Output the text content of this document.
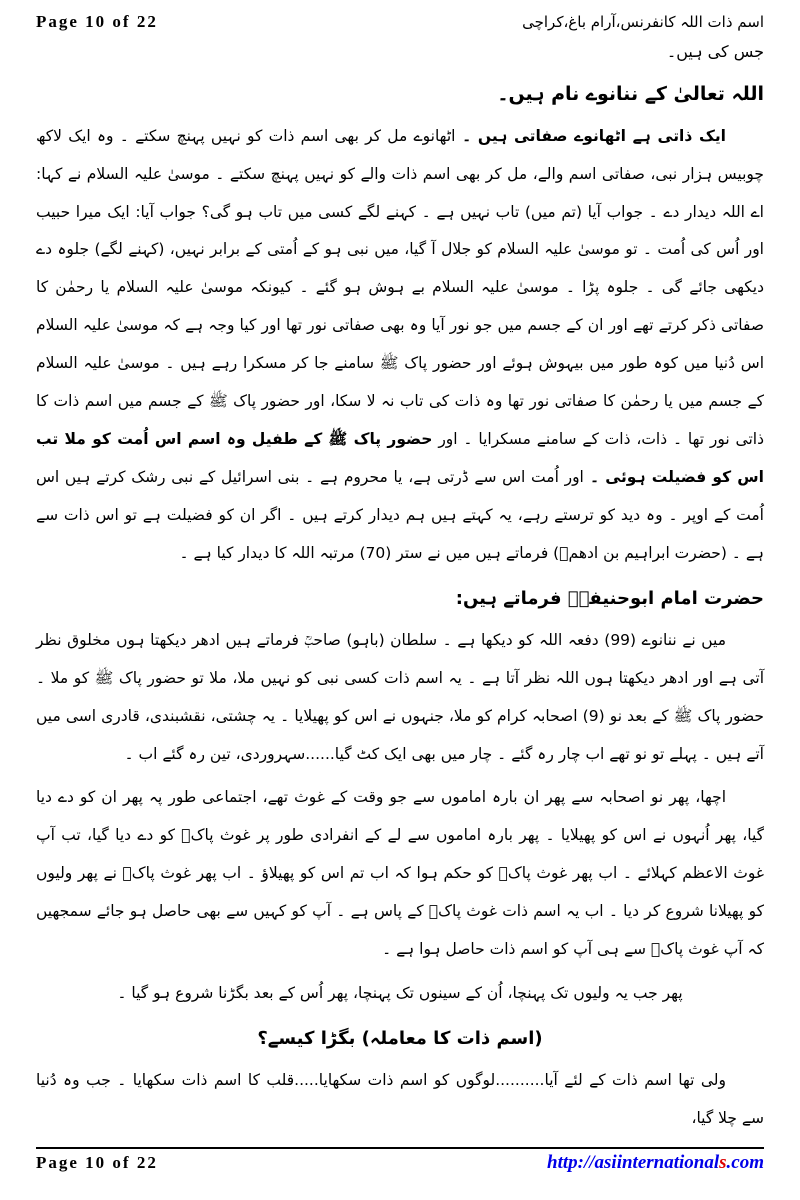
Page 10 of 22	اسم ذات اللہ کانفرنس،آرام باغ،کراچی

جس کی ہیں۔

اللہ تعالیٰ کے ننانوے نام ہیں۔

ایک ذاتی ہے اٹھانوے صفاتی ہیں ۔ اٹھانوے مل کر بھی اسم ذات کو نہیں پہنچ سکتے ۔ وہ ایک لاکھ چوبیس ہزار نبی، صفاتی اسم والے، مل کر بھی اسم ذات والے کو نہیں پہنچ سکتے ۔ موسیٰ علیہ السلام نے کہا: اے اللہ دیدار دے ۔ جواب آیا (تم میں) تاب نہیں ہے ۔ کہنے لگے کسی میں تاب ہو گی؟ جواب آیا: ایک میرا حبیب اور اُس کی اُمت ۔ تو موسیٰ علیہ السلام کو جلال آ گیا، میں نبی ہو کے اُمتی کے برابر نہیں، (کہنے لگے) جلوہ دے دیکھی جائے گی ۔ جلوہ پڑا ۔ موسیٰ علیہ السلام بے ہوش ہو گئے ۔ کیونکہ موسیٰ علیہ السلام یا رحمٰن کا صفاتی ذکر کرتے تھے اور ان کے جسم میں جو نور آیا وہ بھی صفاتی نور تھا اور کیا وجہ ہے کہ موسیٰ علیہ السلام اس دُنیا میں کوہ طور میں بیہوش ہوئے اور حضور پاک ﷺ سامنے جا کر مسکرا رہے ہیں ۔ موسیٰ علیہ السلام کے جسم میں یا رحمٰن کا صفاتی نور تھا وہ ذات کی تاب نہ لا سکا، اور حضور پاک ﷺ کے جسم میں اسم ذات کا ذاتی نور تھا ۔ ذات، ذات کے سامنے مسکرایا ۔ اور حضور پاک ﷺ کے طفیل وہ اسم اس اُمت کو ملا تب اس کو فضیلت ہوئی ۔ اور اُمت اس سے ڈرتی ہے، یا محروم ہے ۔ بنی اسرائیل کے نبی رشک کرتے ہیں اس اُمت کے اوپر ۔ وہ دید کو ترستے رہے، یہ کہتے ہیں ہم دیدار کرتے ہیں ۔ اگر ان کو فضیلت ہے تو اس ذات سے ہے ۔ (حضرت ابراہیم بن ادھمؒ) فرماتے ہیں میں نے ستر (70) مرتبہ اللہ کا دیدار کیا ہے ۔

حضرت امام ابوحنیفہؒ فرماتے ہیں:

میں نے ننانوے (99) دفعہ اللہ کو دیکھا ہے ۔ سلطان (باہو) صاحبؒ فرماتے ہیں ادھر دیکھتا ہوں مخلوق نظر آتی ہے اور ادھر دیکھتا ہوں اللہ نظر آتا ہے ۔ یہ اسم ذات کسی نبی کو نہیں ملا، ملا تو حضور پاک ﷺ کو ملا ۔ حضور پاک ﷺ کے بعد نو (9) اصحابہ کرام کو ملا، جنہوں نے اس کو پھیلایا ۔ یہ چشتی، نقشبندی، قادری اسی میں آتے ہیں ۔ پہلے تو نو تھے اب چار رہ گئے ۔ چار میں بھی ایک کٹ گیا......سہروردی، تین رہ گئے اب ۔

اچھا، پھر نو اصحابہ سے پھر ان بارہ اماموں سے جو وقت کے غوث تھے، اجتماعی طور پہ پھر ان کو دے دیا گیا، پھر اُنہوں نے اس کو پھیلایا ۔ پھر بارہ اماموں سے لے کے انفرادی طور پر غوث پاکؒ کو دے دیا گیا، تب آپ غوث الاعظم کہلائے ۔ اب پھر غوث پاکؒ کو حکم ہوا کہ اب تم اس کو پھیلاؤ ۔ اب پھر غوث پاکؒ نے پھر ولیوں کو پھیلانا شروع کر دیا ۔ اب یہ اسم ذات غوث پاکؒ کے پاس ہے ۔ آپ کو کہیں سے بھی حاصل ہو جائے سمجھیں کہ آپ غوث پاکؒ سے ہی آپ کو اسم ذات حاصل ہوا ہے ۔

پھر جب یہ ولیوں تک پہنچا، اُن کے سینوں تک پہنچا، پھر اُس کے بعد بگڑنا شروع ہو گیا ۔

(اسم ذات کا معاملہ) بگڑا کیسے؟

ولی تھا اسم ذات کے لئے آیا..........لوگوں کو اسم ذات سکھایا.....قلب کا اسم ذات سکھایا ۔ جب وہ دُنیا سے چلا گیا،

Page 10 of 22	http://asiinternationals.com
